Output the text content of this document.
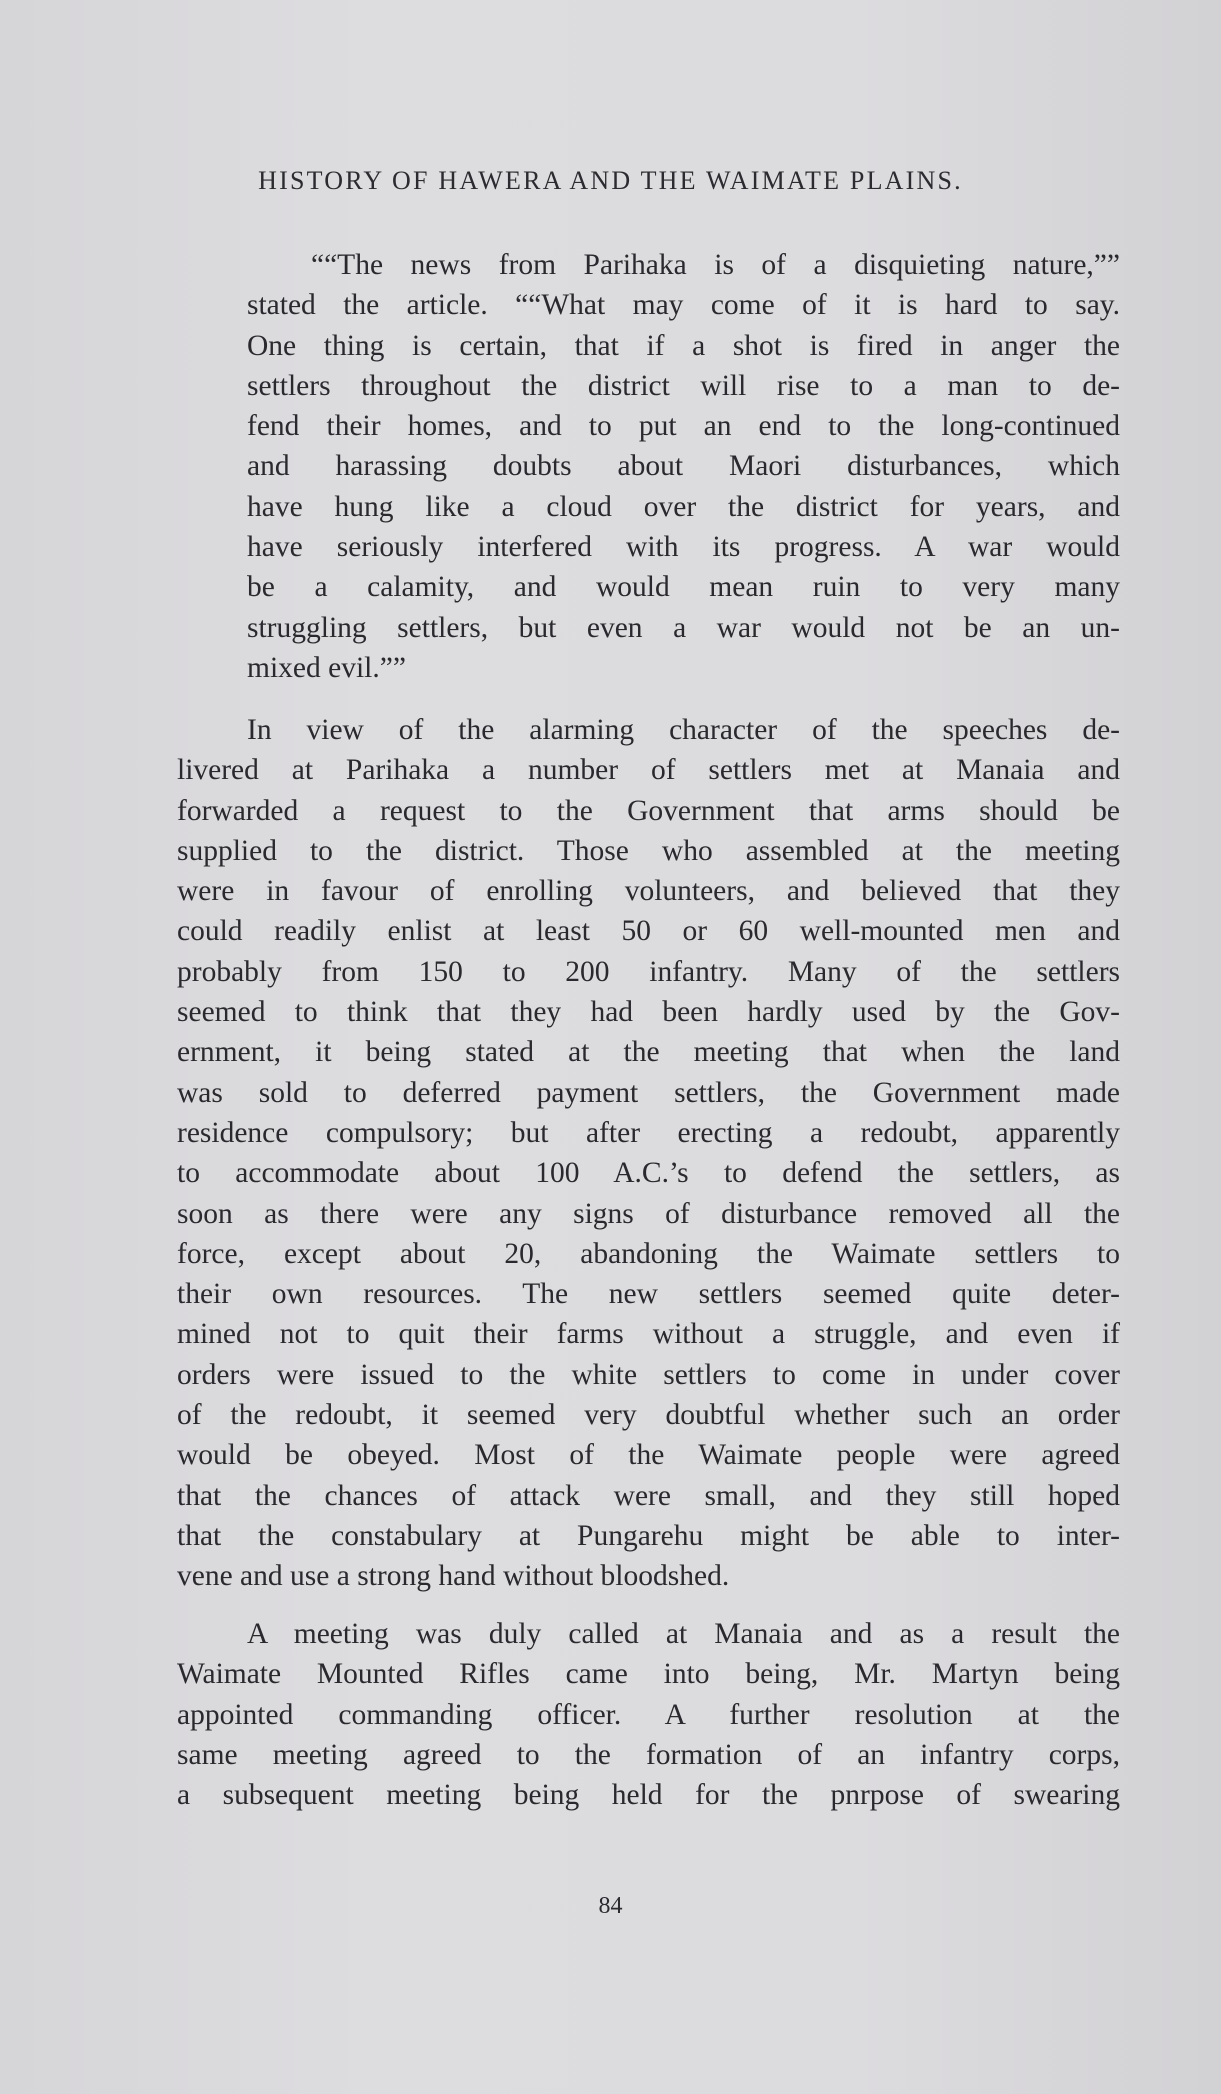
HISTORY OF HAWERA AND THE WAIMATE PLAINS.
““The news from Parihaka is of a disquieting nature,””
stated the article. ““What may come of it is hard to say.
One thing is certain, that if a shot is fired in anger the
settlers throughout the district will rise to a man to de-
fend their homes, and to put an end to the long-continued
and harassing doubts about Maori disturbances, which
have hung like a cloud over the district for years, and
have seriously interfered with its progress. A war would
be a calamity, and would mean ruin to very many
struggling settlers, but even a war would not be an un-
mixed evil.””
In view of the alarming character of the speeches de-
livered at Parihaka a number of settlers met at Manaia and
forwarded a request to the Government that arms should be
supplied to the district. Those who assembled at the meeting
were in favour of enrolling volunteers, and believed that they
could readily enlist at least 50 or 60 well-mounted men and
probably from 150 to 200 infantry. Many of the settlers
seemed to think that they had been hardly used by the Gov-
ernment, it being stated at the meeting that when the land
was sold to deferred payment settlers, the Government made
residence compulsory; but after erecting a redoubt, apparently
to accommodate about 100 A.C.’s to defend the settlers, as
soon as there were any signs of disturbance removed all the
force, except about 20, abandoning the Waimate settlers to
their own resources. The new settlers seemed quite deter-
mined not to quit their farms without a struggle, and even if
orders were issued to the white settlers to come in under cover
of the redoubt, it seemed very doubtful whether such an order
would be obeyed. Most of the Waimate people were agreed
that the chances of attack were small, and they still hoped
that the constabulary at Pungarehu might be able to inter-
vene and use a strong hand without bloodshed.
A meeting was duly called at Manaia and as a result the
Waimate Mounted Rifles came into being, Mr. Martyn being
appointed commanding officer. A further resolution at the
same meeting agreed to the formation of an infantry corps,
a subsequent meeting being held for the pnrpose of swearing
84
